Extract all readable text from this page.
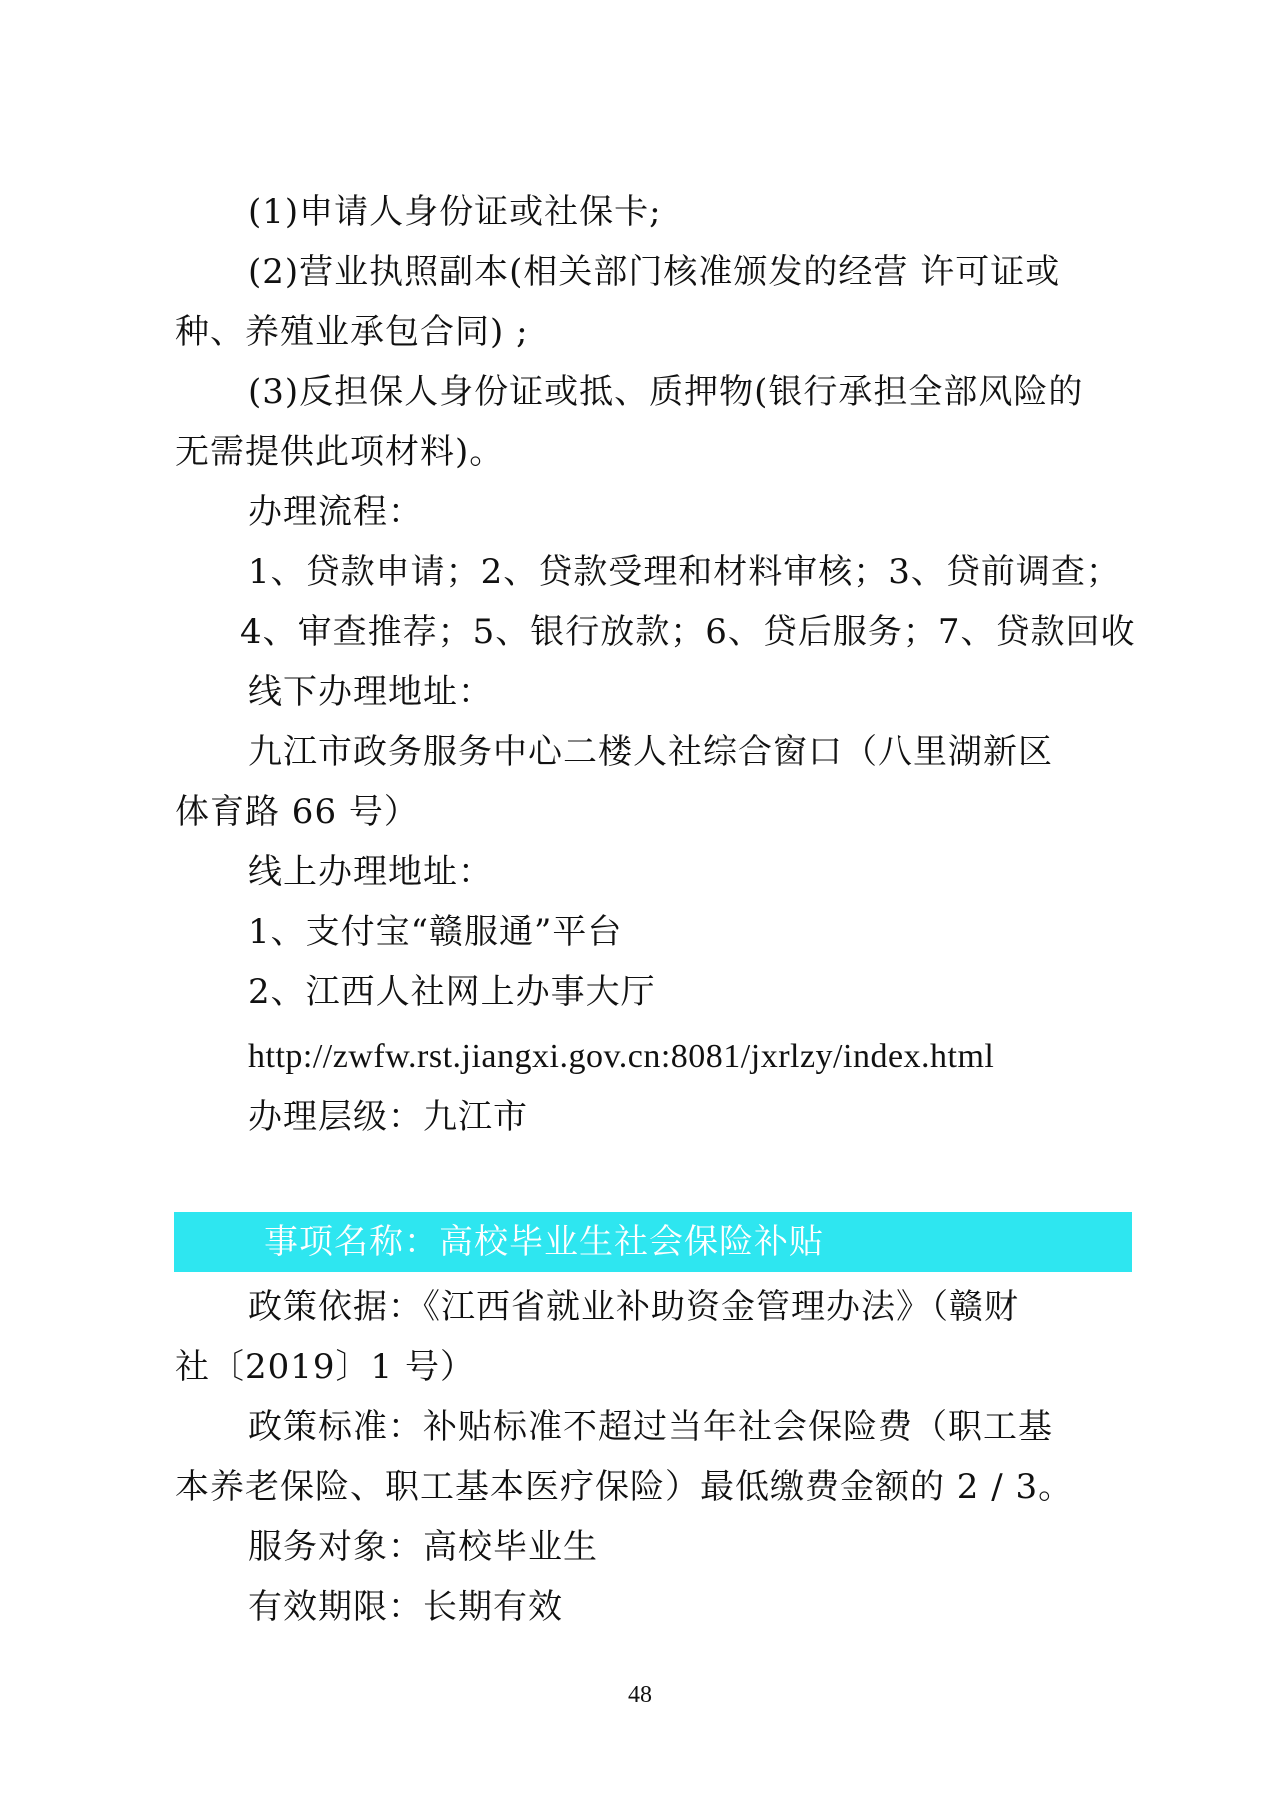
(1)申请人身份证或社保卡;
(2)营业执照副本(相关部门核准颁发的经营 许可证或
种、养殖业承包合同) ;
(3)反担保人身份证或抵、质押物(银行承担全部风险的
无需提供此项材料)。
办理流程：
1、贷款申请；2、贷款受理和材料审核；3、贷前调查；
4、审查推荐；5、银行放款；6、贷后服务；7、贷款回收
线下办理地址：
九江市政务服务中心二楼人社综合窗口（八里湖新区
体育路 66 号）
线上办理地址：
1、支付宝“赣服通”平台
2、江西人社网上办事大厅
http://zwfw.rst.jiangxi.gov.cn:8081/jxrlzy/index.html
办理层级：九江市
事项名称：高校毕业生社会保险补贴
政策依据：《江西省就业补助资金管理办法》（赣财
社〔2019〕1 号）
政策标准：补贴标准不超过当年社会保险费（职工基
本养老保险、职工基本医疗保险）最低缴费金额的 2 / 3。
服务对象：高校毕业生
有效期限：长期有效
48
